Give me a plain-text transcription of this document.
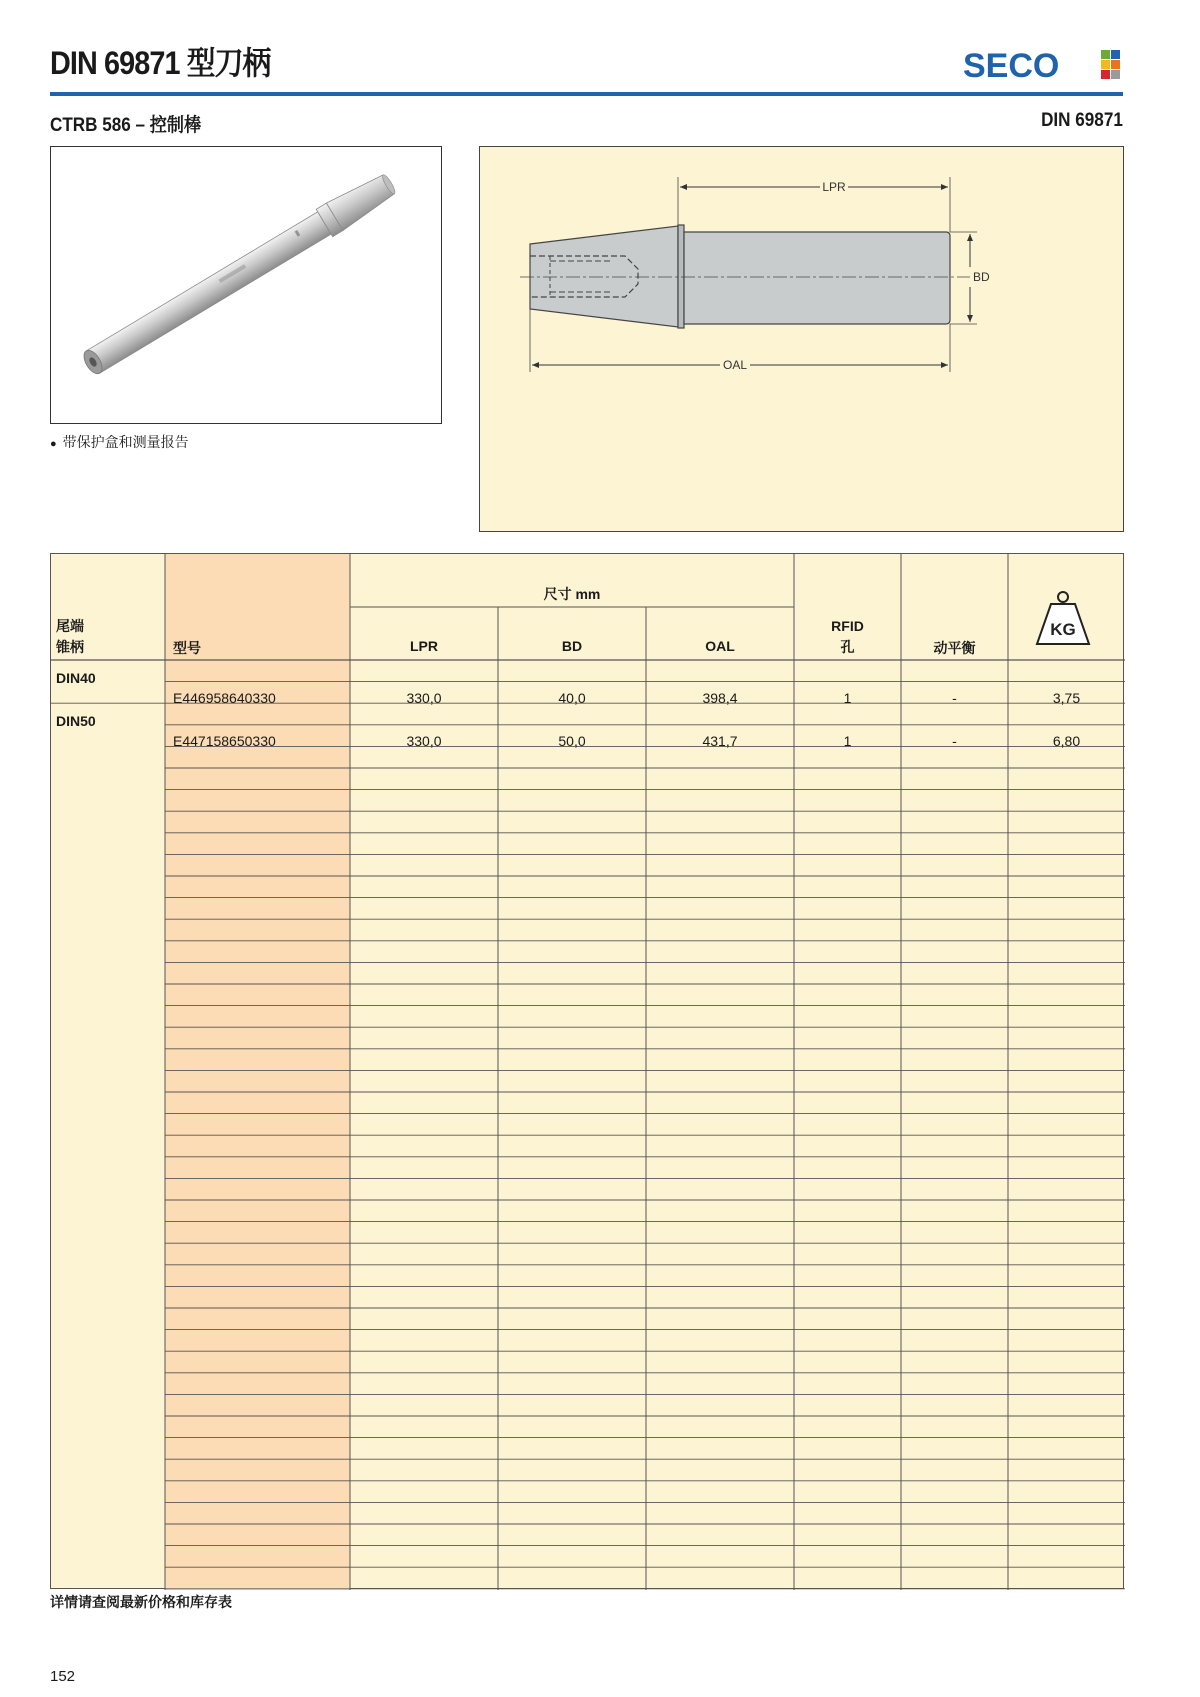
DIN 69871 型刀柄	SECO
CTRB 586 – 控制棒	DIN 69871
● 带保护盒和测量报告
LPR
BD
OAL
尾端
锥柄	型号
尺寸 mm
LPR	BD	OAL
RFID
孔	动平衡
KG
DIN40
E446958640330	330,0	40,0	398,4	1	-	3,75
DIN50
E447158650330	330,0	50,0	431,7	1	-	6,80
详情请查阅最新价格和库存表
152
